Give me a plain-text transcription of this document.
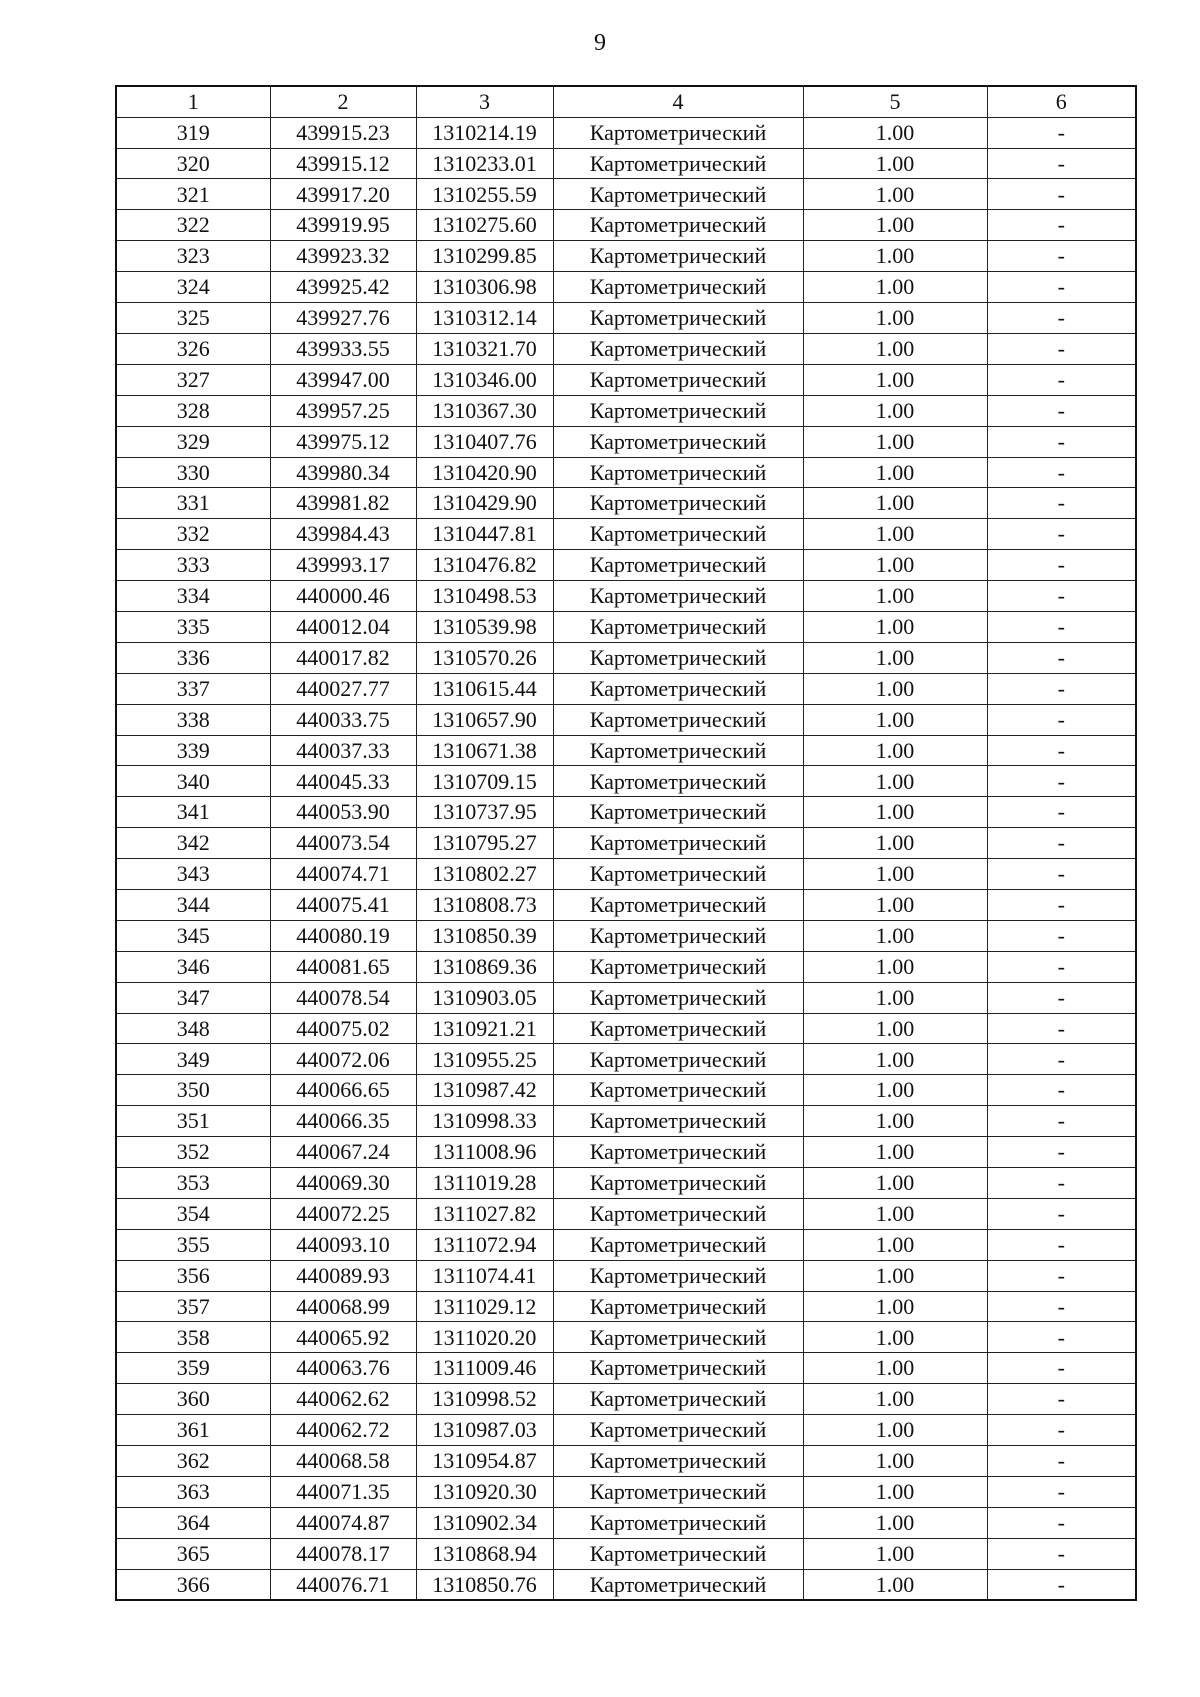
9
1	2	3	4	5	6
319	439915.23	1310214.19	Картометрический	1.00	-
320	439915.12	1310233.01	Картометрический	1.00	-
321	439917.20	1310255.59	Картометрический	1.00	-
322	439919.95	1310275.60	Картометрический	1.00	-
323	439923.32	1310299.85	Картометрический	1.00	-
324	439925.42	1310306.98	Картометрический	1.00	-
325	439927.76	1310312.14	Картометрический	1.00	-
326	439933.55	1310321.70	Картометрический	1.00	-
327	439947.00	1310346.00	Картометрический	1.00	-
328	439957.25	1310367.30	Картометрический	1.00	-
329	439975.12	1310407.76	Картометрический	1.00	-
330	439980.34	1310420.90	Картометрический	1.00	-
331	439981.82	1310429.90	Картометрический	1.00	-
332	439984.43	1310447.81	Картометрический	1.00	-
333	439993.17	1310476.82	Картометрический	1.00	-
334	440000.46	1310498.53	Картометрический	1.00	-
335	440012.04	1310539.98	Картометрический	1.00	-
336	440017.82	1310570.26	Картометрический	1.00	-
337	440027.77	1310615.44	Картометрический	1.00	-
338	440033.75	1310657.90	Картометрический	1.00	-
339	440037.33	1310671.38	Картометрический	1.00	-
340	440045.33	1310709.15	Картометрический	1.00	-
341	440053.90	1310737.95	Картометрический	1.00	-
342	440073.54	1310795.27	Картометрический	1.00	-
343	440074.71	1310802.27	Картометрический	1.00	-
344	440075.41	1310808.73	Картометрический	1.00	-
345	440080.19	1310850.39	Картометрический	1.00	-
346	440081.65	1310869.36	Картометрический	1.00	-
347	440078.54	1310903.05	Картометрический	1.00	-
348	440075.02	1310921.21	Картометрический	1.00	-
349	440072.06	1310955.25	Картометрический	1.00	-
350	440066.65	1310987.42	Картометрический	1.00	-
351	440066.35	1310998.33	Картометрический	1.00	-
352	440067.24	1311008.96	Картометрический	1.00	-
353	440069.30	1311019.28	Картометрический	1.00	-
354	440072.25	1311027.82	Картометрический	1.00	-
355	440093.10	1311072.94	Картометрический	1.00	-
356	440089.93	1311074.41	Картометрический	1.00	-
357	440068.99	1311029.12	Картометрический	1.00	-
358	440065.92	1311020.20	Картометрический	1.00	-
359	440063.76	1311009.46	Картометрический	1.00	-
360	440062.62	1310998.52	Картометрический	1.00	-
361	440062.72	1310987.03	Картометрический	1.00	-
362	440068.58	1310954.87	Картометрический	1.00	-
363	440071.35	1310920.30	Картометрический	1.00	-
364	440074.87	1310902.34	Картометрический	1.00	-
365	440078.17	1310868.94	Картометрический	1.00	-
366	440076.71	1310850.76	Картометрический	1.00	-
